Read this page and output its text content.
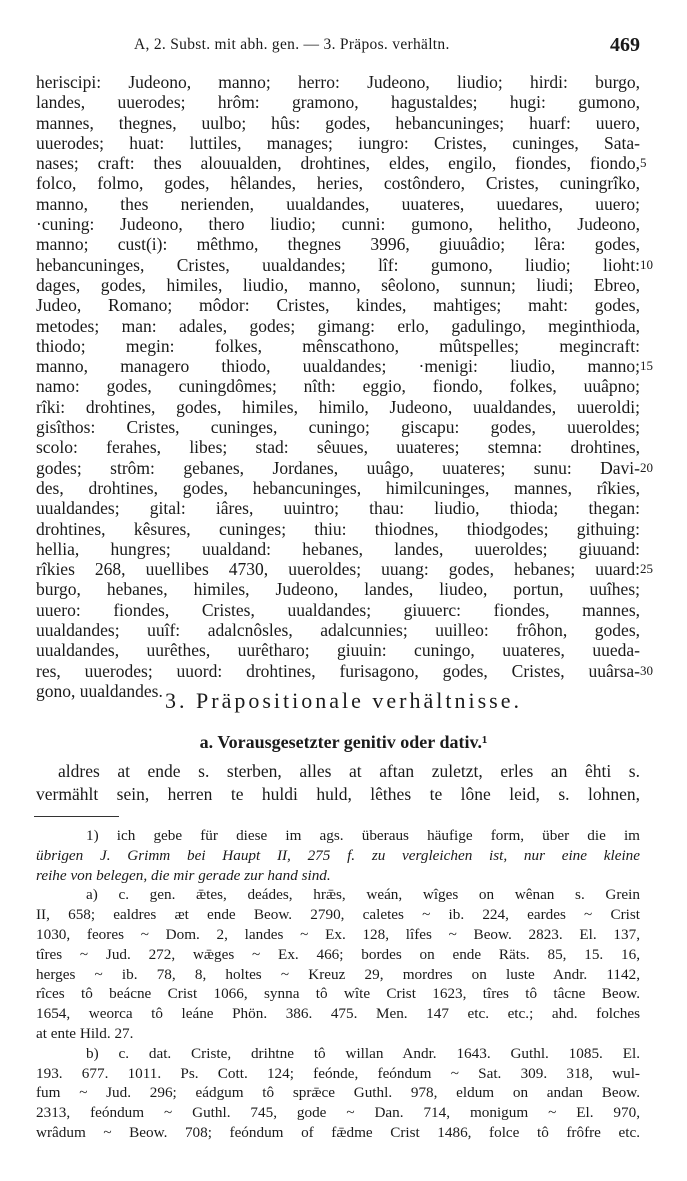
A, 2. Subst. mit abh. gen. — 3. Präpos. verhältn.	469
heriscipi: Judeono, manno; herro: Judeono, liudio; hirdi: burgo,
landes, uuerodes; hrôm: gramono, hagustaldes; hugi: gumono,
mannes, thegnes, uulbo; hûs: godes, hebancuninges; huarf: uuero,
uuerodes; huat: luttiles, manages; iungro: Cristes, cuninges, Sata-
nases; craft: thes alouualden, drohtines, eldes, engilo, fiondes, fiondo, 5
folco, folmo, godes, hêlandes, heries, costôndero, Cristes, cuningrîko,
manno, thes nerienden, uualdandes, uuateres, uuedares, uuero;
·cuning: Judeono, thero liudio; cunni: gumono, helitho, Judeono,
manno; cust(i): mêthmo, thegnes 3996, giuuâdio; lêra: godes,
hebancuninges, Cristes, uualdandes; lîf: gumono, liudio; lioht: 10
dages, godes, himiles, liudio, manno, sêolono, sunnun; liudi; Ebreo,
Judeo, Romano; môdor: Cristes, kindes, mahtiges; maht: godes,
metodes; man: adales, godes; gimang: erlo, gadulingo, meginthioda,
thiodo; megin: folkes, mênscathono, mûtspelles; megincraft:
manno, managero thiodo, uualdandes; ·menigi: liudio, manno; 15
namo: godes, cuningdômes; nîth: eggio, fiondo, folkes, uuâpno;
rîki: drohtines, godes, himiles, himilo, Judeono, uualdandes, uueroldi;
gisîthos: Cristes, cuninges, cuningo; giscapu: godes, uueroldes;
scolo: ferahes, libes; stad: sêuues, uuateres; stemna: drohtines,
godes; strôm: gebanes, Jordanes, uuâgo, uuateres; sunu: Davi- 20
des, drohtines, godes, hebancuninges, himilcuninges, mannes, rîkies,
uualdandes; gital: iâres, uuintro; thau: liudio, thioda; thegan:
drohtines, kêsures, cuninges; thiu: thiodnes, thiodgodes; githuing:
hellia, hungres; uualdand: hebanes, landes, uueroldes; giuuand:
rîkies 268, uuellibes 4730, uueroldes; uuang: godes, hebanes; uuard: 25
burgo, hebanes, himiles, Judeono, landes, liudeo, portun, uuîhes;
uuero: fiondes, Cristes, uualdandes; giuuerc: fiondes, mannes,
uualdandes; uuîf: adalcnôsles, adalcunnies; uuilleo: frôhon, godes,
uualdandes, uurêthes, uurêtharo; giuuin: cuningo, uuateres, uueda-
res, uuerodes; uuord: drohtines, furisagono, godes, Cristes, uuârsa- 30
gono, uualdandes. 3. Präpositionale verhältnisse.
a. Vorausgesetzter genitiv oder dativ.¹
aldres at ende s. sterben, alles at aftan zuletzt, erles an êhti s.
vermählt sein, herren te huldi huld, lêthes te lône leid, s. lohnen,
1) ich gebe für diese im ags. überaus häufige form, über die im
übrigen J. Grimm bei Haupt II, 275 f. zu vergleichen ist, nur eine kleine
reihe von belegen, die mir gerade zur hand sind.
a) c. gen. ǣtes, deádes, hrǣs, weán, wîges on wênan s. Grein
II, 658; ealdres æt ende Beow. 2790, caletes ~ ib. 224, eardes ~ Crist
1030, feores ~ Dom. 2, landes ~ Ex. 128, lîfes ~ Beow. 2823. El. 137,
tîres ~ Jud. 272, wǣges ~ Ex. 466; bordes on ende Räts. 85, 15. 16,
herges ~ ib. 78, 8, holtes ~ Kreuz 29, mordres on luste Andr. 1142,
rîces tô beácne Crist 1066, synna tô wîte Crist 1623, tîres tô tâcne Beow.
1654, weorca tô leáne Phön. 386. 475. Men. 147 etc. etc.; ahd. folches
at ente Hild. 27.
b) c. dat. Criste, drihtne tô willan Andr. 1643. Guthl. 1085. El.
193. 677. 1011. Ps. Cott. 124; feónde, feóndum ~ Sat. 309. 318, wul-
fum ~ Jud. 296; eádgum tô sprǣce Guthl. 978, eldum on andan Beow.
2313, feóndum ~ Guthl. 745, gode ~ Dan. 714, monigum ~ El. 970,
wrâdum ~ Beow. 708; feóndum of fǣdme Crist 1486, folce tô frôfre etc.
